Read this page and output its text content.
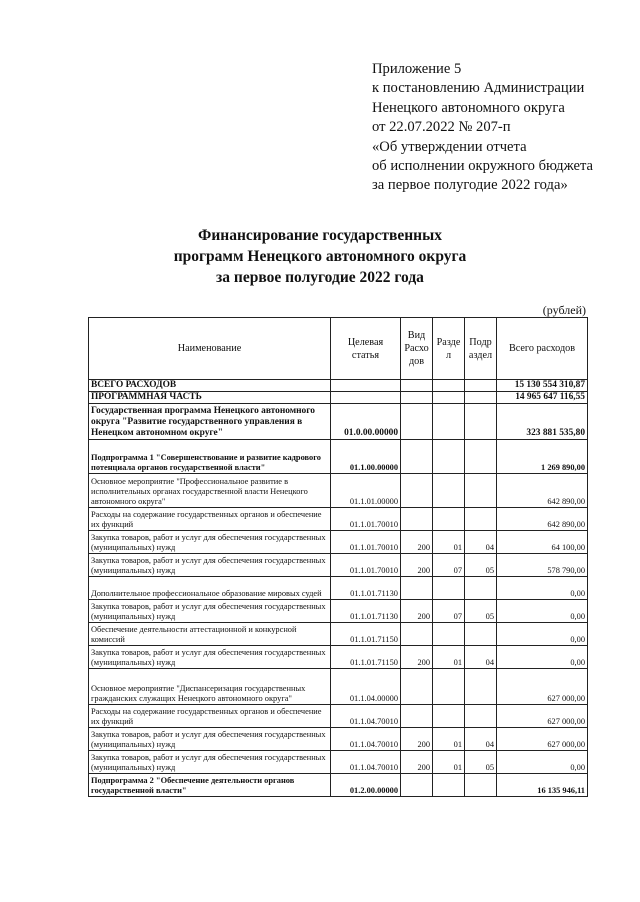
Приложение 5
к постановлению Администрации
Ненецкого автономного округа
от 22.07.2022 № 207-п
«Об утверждении отчета
об исполнении окружного бюджета
за первое полугодие 2022 года»
Финансирование государственных
программ Ненецкого автономного округа
за первое полугодие 2022 года
(рублей)
Наименование	Целевая статья	Вид Расхо дов	Разде л	Подр аздел	Всего расходов
ВСЕГО РАСХОДОВ					15 130 554 310,87
ПРОГРАММНАЯ ЧАСТЬ					14 965 647 116,55
Государственная программа Ненецкого автономного округа "Развитие государственного управления в Ненецком автономном округе"	01.0.00.00000				323 881 535,80
Подпрограмма 1 "Совершенствование и развитие кадрового потенциала органов государственной власти"	01.1.00.00000				1 269 890,00
Основное мероприятие "Профессиональное развитие в исполнительных органах государственной власти Ненецкого автономного округа"	01.1.01.00000				642 890,00
Расходы на содержание государственных органов и обеспечение их функций	01.1.01.70010				642 890,00
Закупка товаров, работ и услуг для обеспечения государственных (муниципальных) нужд	01.1.01.70010	200	01	04	64 100,00
Закупка товаров, работ и услуг для обеспечения государственных (муниципальных) нужд	01.1.01.70010	200	07	05	578 790,00
Дополнительное профессиональное образование мировых судей	01.1.01.71130				0,00
Закупка товаров, работ и услуг для обеспечения государственных (муниципальных) нужд	01.1.01.71130	200	07	05	0,00
Обеспечение деятельности аттестационной и конкурсной комиссий	01.1.01.71150				0,00
Закупка товаров, работ и услуг для обеспечения государственных (муниципальных) нужд	01.1.01.71150	200	01	04	0,00
Основное мероприятие "Диспансеризация государственных гражданских служащих Ненецкого автономного округа"	01.1.04.00000				627 000,00
Расходы на содержание государственных органов и обеспечение их функций	01.1.04.70010				627 000,00
Закупка товаров, работ и услуг для обеспечения государственных (муниципальных) нужд	01.1.04.70010	200	01	04	627 000,00
Закупка товаров, работ и услуг для обеспечения государственных (муниципальных) нужд	01.1.04.70010	200	01	05	0,00
Подпрограмма 2 "Обеспечение деятельности органов государственной власти"	01.2.00.00000				16 135 946,11
